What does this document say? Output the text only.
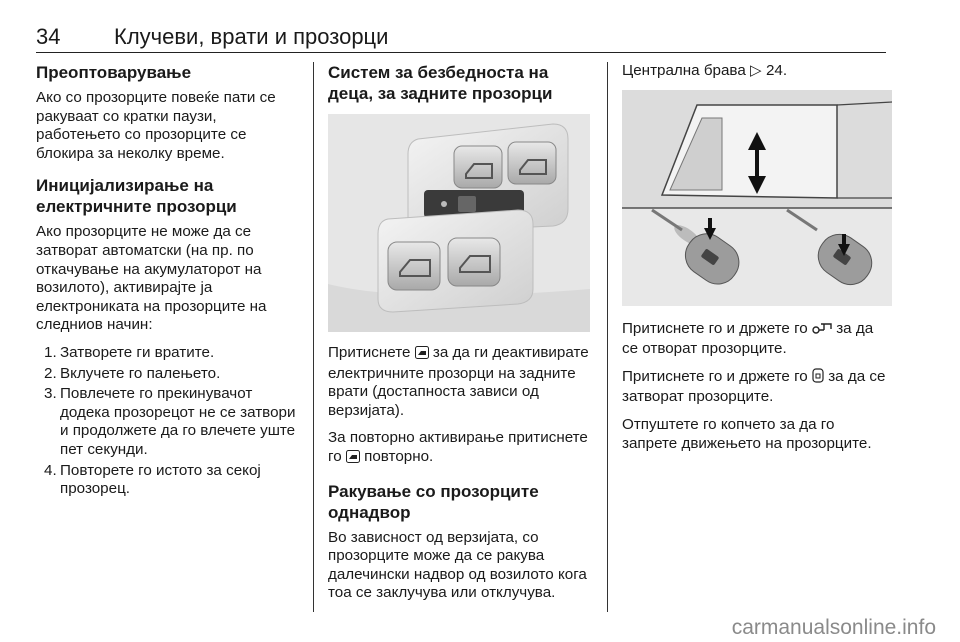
34 Клучеви, врати и прозорци
Преоптоварување

Ако со прозорците повеќе пати се ракуваат со кратки паузи, работењето со прозорците се блокира за неколку време.

Иницијализирање на електричните прозорци

Ако прозорците не може да се затворат автоматски (на пр. по откачување на акумулаторот на возилото), активирајте ја електрониката на прозорците на следниов начин:

1. Затворете ги вратите.
2. Вклучете го палењето.
3. Повлечете го прекинувачот додека прозорецот не се затвори и продолжете да го влечете уште пет секунди.
4. Повторете го истото за секој прозорец.
Систем за безбедноста на деца, за задните прозорци

Притиснете за да ги деактивирате електричните прозорци на задните врати (достапноста зависи од верзијата).

За повторно активирање притиснете го повторно.

Ракување со прозорците однадвор

Во зависност од верзијата, со прозорците може да се ракува далечински надвор од возилото кога тоа се заклучува или отклучува.

Централна брава ▷ 24.

Притиснете го и држете го за да се отворат прозорците.

Притиснете го и држете го за да се затворат прозорците.

Отпуштете го копчето за да го запрете движењето на прозорците.

carmanualsonline.info
